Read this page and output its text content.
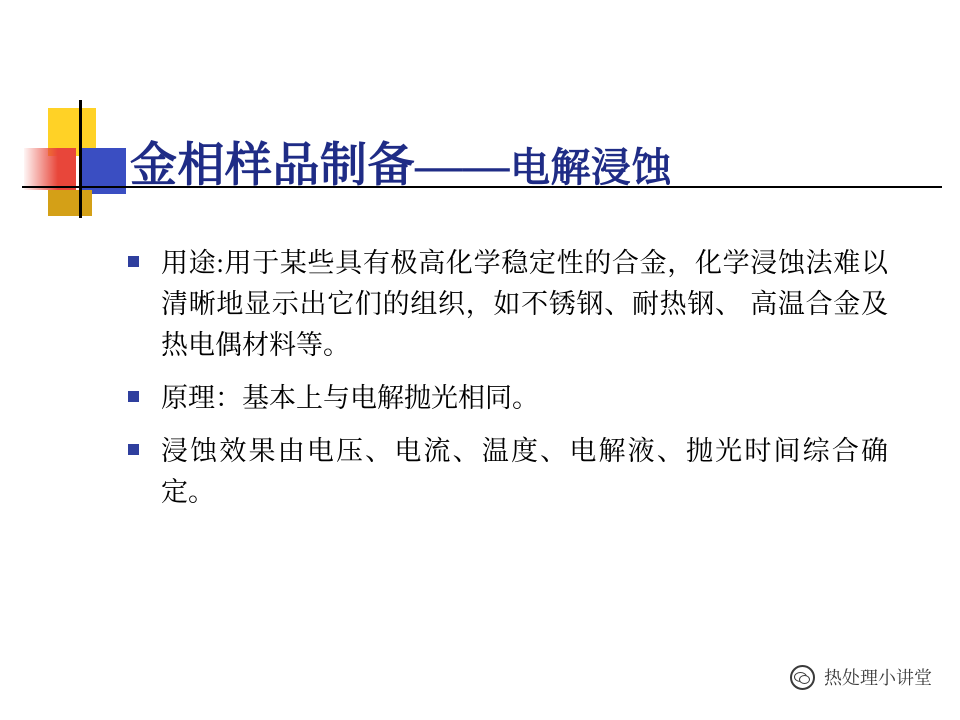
金相样品制备——电解浸蚀
用途:用于某些具有极高化学稳定性的合金，化学浸蚀法难以清晰地显示出它们的组织，如不锈钢、耐热钢、 高温合金及热电偶材料等。
原理：基本上与电解抛光相同。
浸蚀效果由电压、电流、温度、电解液、抛光时间综合确定。
热处理小讲堂
